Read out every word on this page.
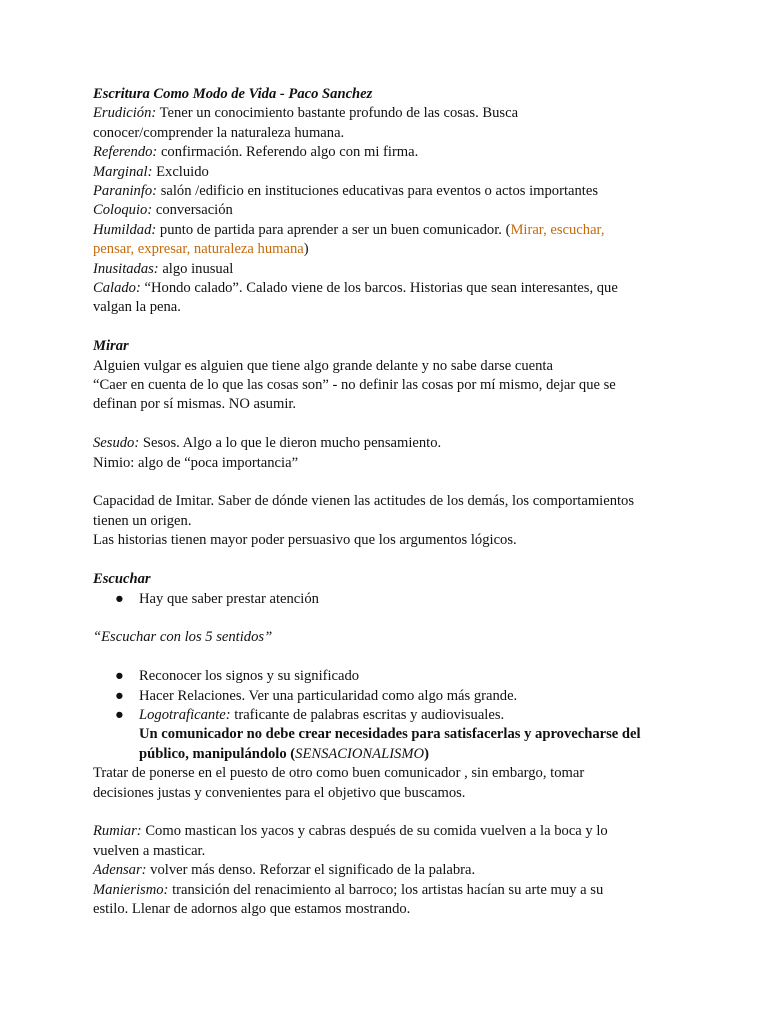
Escritura Como Modo de Vida - Paco Sanchez
Erudición: Tener un conocimiento bastante profundo de las cosas. Busca
conocer/comprender la naturaleza humana.
Referendo: confirmación. Referendo algo con mi firma.
Marginal: Excluido
Paraninfo: salón /edificio en instituciones educativas para eventos o actos importantes
Coloquio: conversación
Humildad: punto de partida para aprender a ser un buen comunicador. (Mirar, escuchar,
pensar, expresar, naturaleza humana)
Inusitadas: algo inusual
Calado: “Hondo calado”. Calado viene de los barcos. Historias que sean interesantes, que
valgan la pena.
Mirar
Alguien vulgar es alguien que tiene algo grande delante y no sabe darse cuenta
“Caer en cuenta de lo que las cosas son” - no definir las cosas por mí mismo, dejar que se
definan por sí mismas. NO asumir.
Sesudo: Sesos. Algo a lo que le dieron mucho pensamiento.
Nimio: algo de “poca importancia”
Capacidad de Imitar. Saber de dónde vienen las actitudes de los demás, los comportamientos
tienen un origen.
Las historias tienen mayor poder persuasivo que los argumentos lógicos.
Escuchar
● Hay que saber prestar atención
“Escuchar con los 5 sentidos”
● Reconocer los signos y su significado
● Hacer Relaciones. Ver una particularidad como algo más grande.
● Logotraficante: traficante de palabras escritas y audiovisuales.
Un comunicador no debe crear necesidades para satisfacerlas y aprovecharse del
público, manipulándolo (SENSACIONALISMO)
Tratar de ponerse en el puesto de otro como buen comunicador , sin embargo, tomar
decisiones justas y convenientes para el objetivo que buscamos.
Rumiar: Como mastican los yacos y cabras después de su comida vuelven a la boca y lo
vuelven a masticar.
Adensar: volver más denso. Reforzar el significado de la palabra.
Manierismo: transición del renacimiento al barroco; los artistas hacían su arte muy a su
estilo. Llenar de adornos algo que estamos mostrando.
